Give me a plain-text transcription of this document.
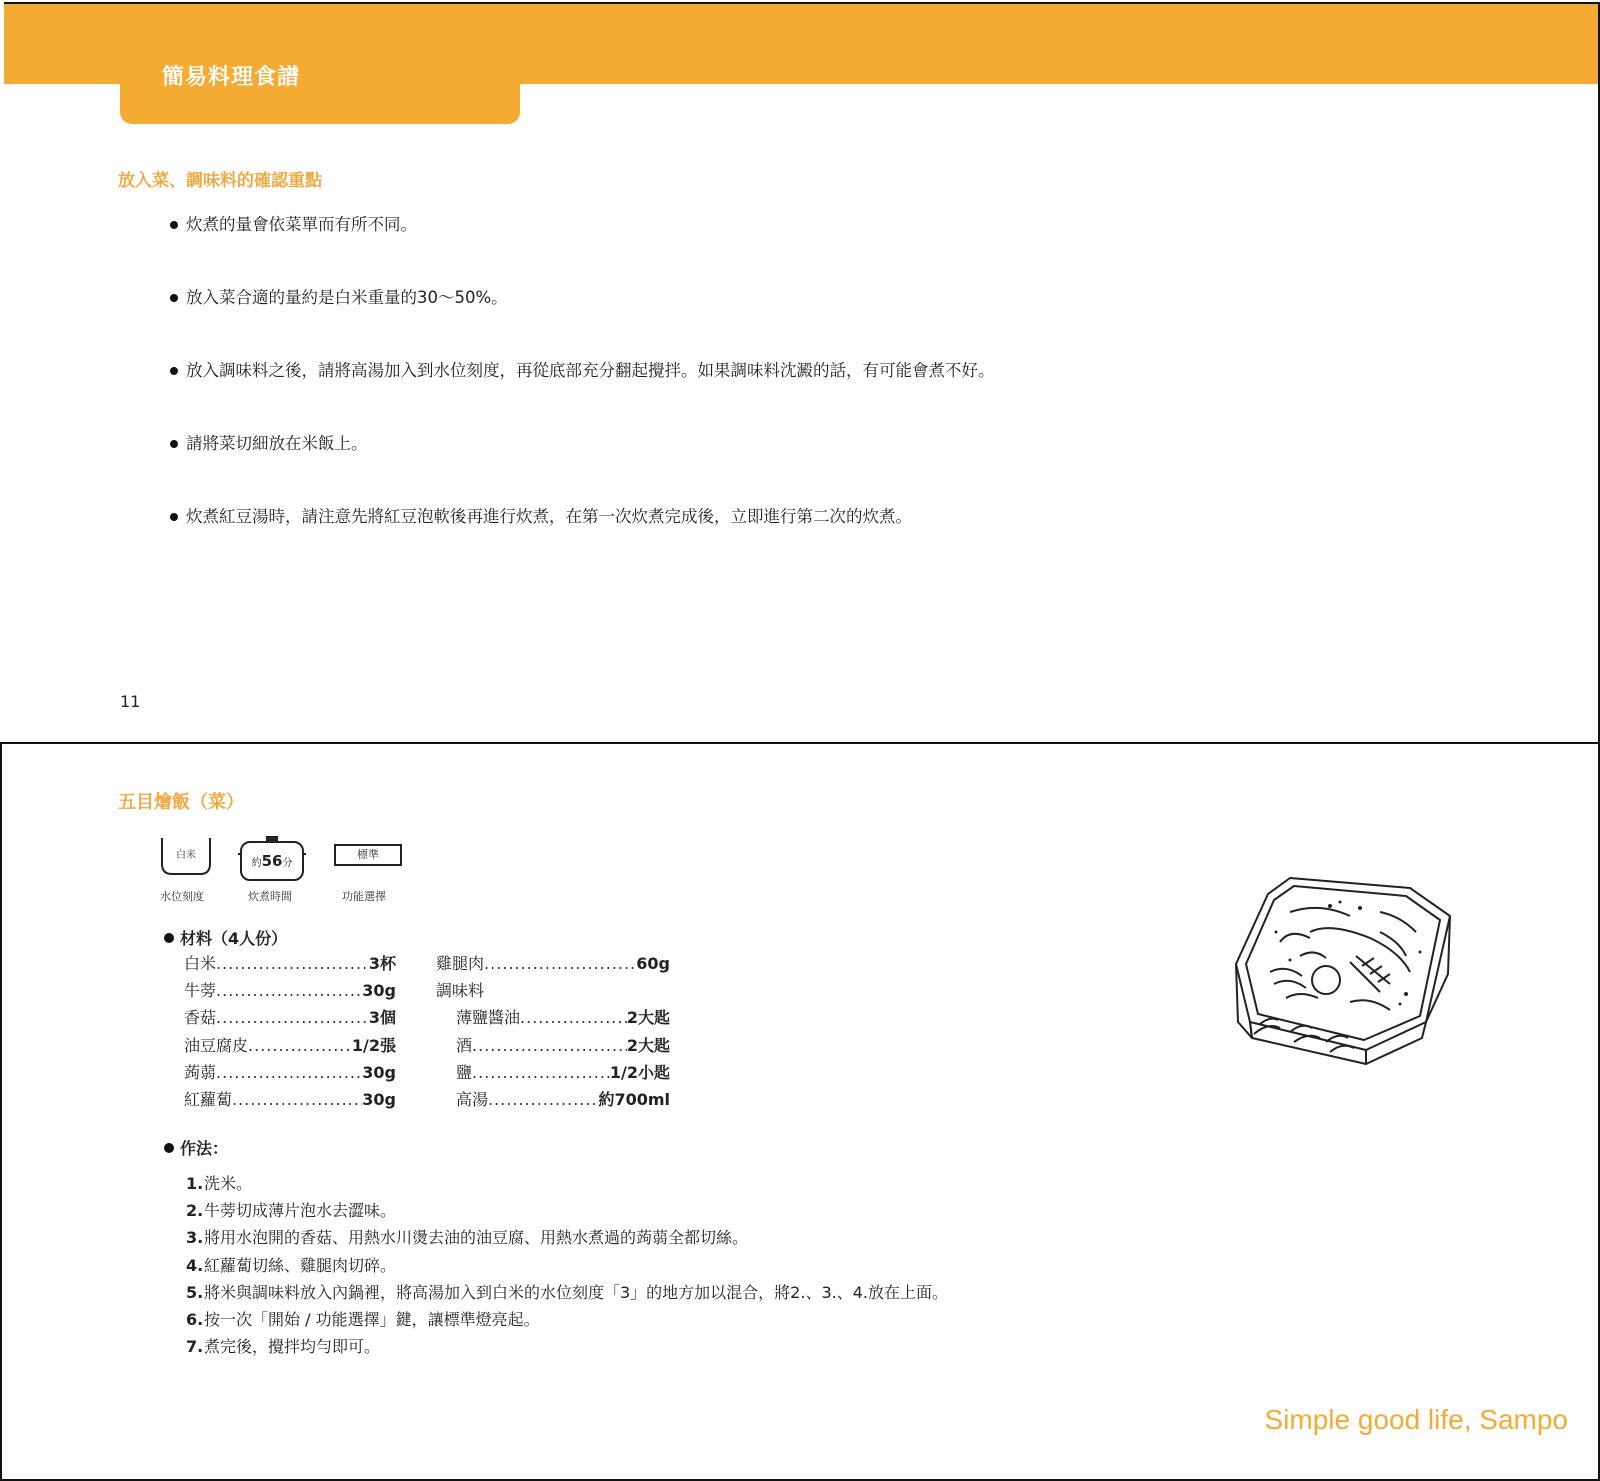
簡易料理食譜
放入菜、調味料的確認重點
炊煮的量會依菜單而有所不同。
放入菜合適的量約是白米重量的30～50%。
放入調味料之後，請將高湯加入到水位刻度，再從底部充分翻起攪拌。如果調味料沈澱的話，有可能會煮不好。
請將菜切細放在米飯上。
炊煮紅豆湯時，請注意先將紅豆泡軟後再進行炊煮，在第一次炊煮完成後，立即進行第二次的炊煮。
11
五目燴飯（菜）
白米
水位刻度
約56分
炊煮時間
標準
功能選擇
材料（4人份）
白米 .....	3杯
牛蒡 .....	30g
香菇 .....	3個
油豆腐皮 .....	1/2張
蒟蒻 .....	30g
紅蘿蔔 .....	30g
雞腿肉 .....	60g
調味料
薄鹽醬油 .....	2大匙
酒 .....	2大匙
鹽 .....	1/2小匙
高湯 .....	約700ml
作法：
1. 洗米。
2. 牛蒡切成薄片泡水去澀味。
3. 將用水泡開的香菇、用熱水川燙去油的油豆腐、用熱水煮過的蒟蒻全都切絲。
4. 紅蘿蔔切絲、雞腿肉切碎。
5. 將米與調味料放入內鍋裡，將高湯加入到白米的水位刻度「3」的地方加以混合，將2.、3.、4.放在上面。
6. 按一次「開始 / 功能選擇」鍵，讓標準燈亮起。
7. 煮完後，攪拌均勻即可。
Simple good life, Sampo
